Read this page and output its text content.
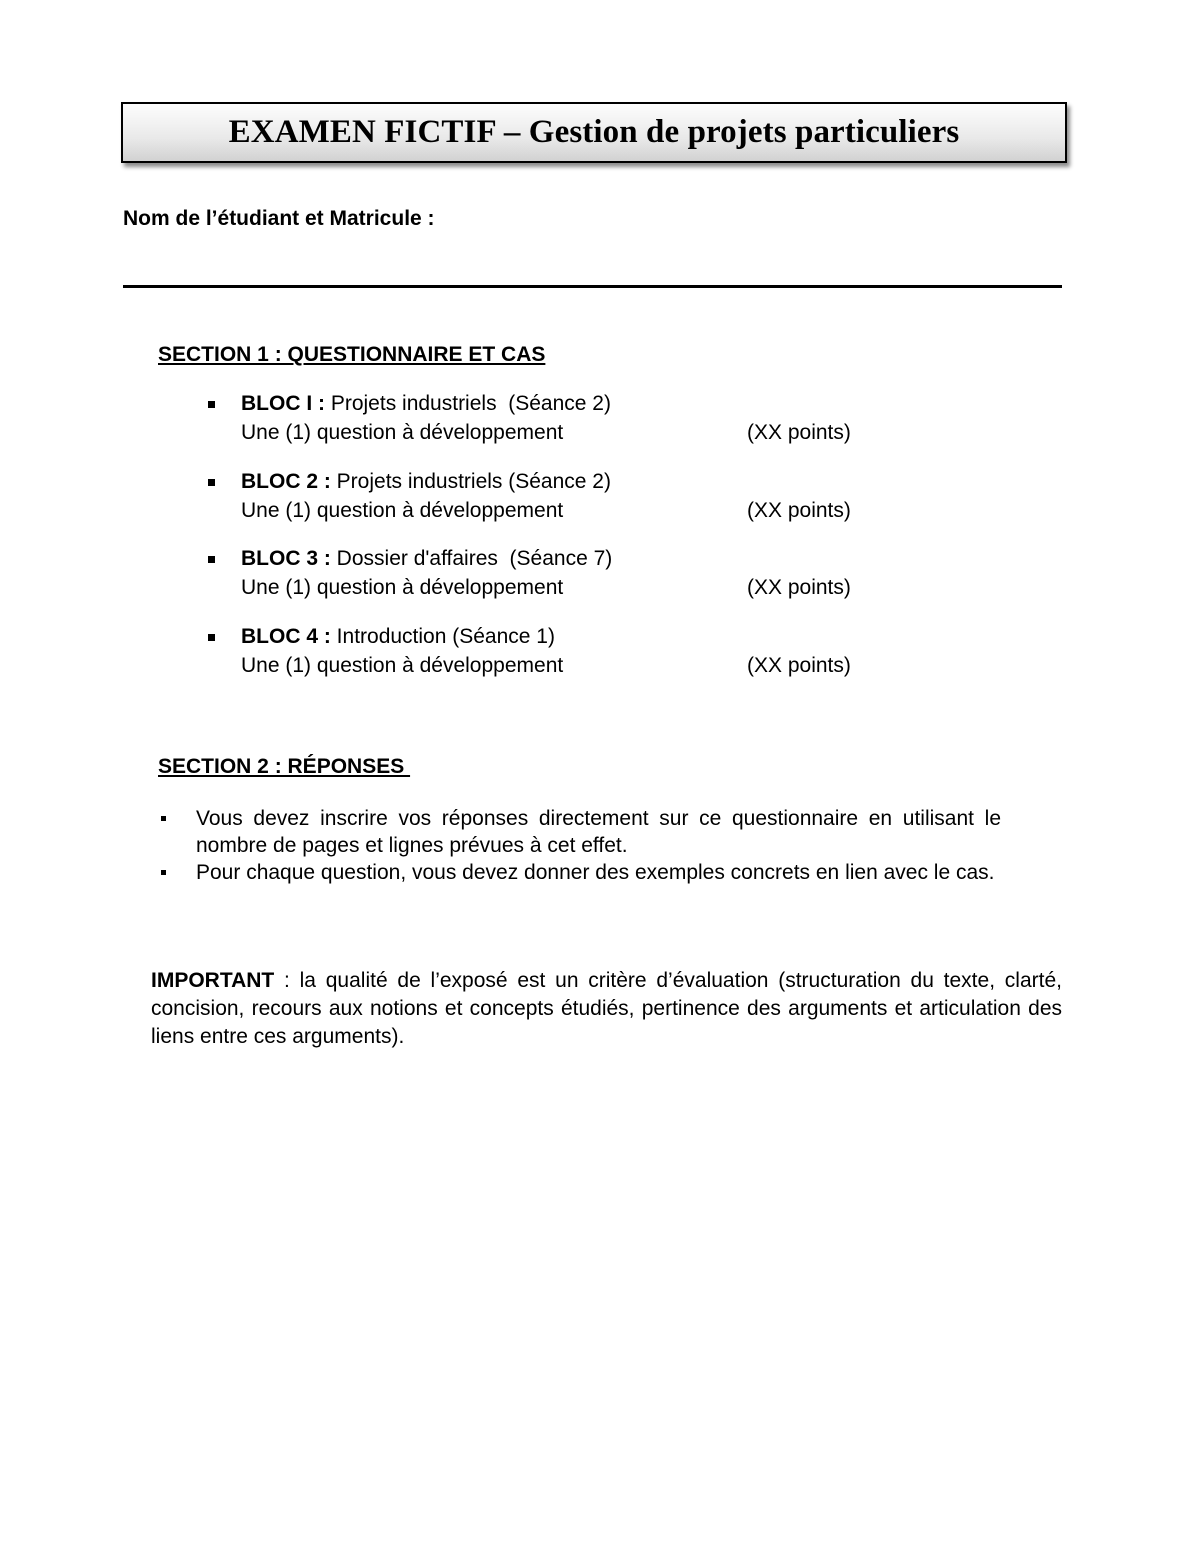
EXAMEN FICTIF – Gestion de projets particuliers
Nom de l’étudiant et Matricule :
SECTION 1 : QUESTIONNAIRE ET CAS
BLOC I : Projets industriels  (Séance 2)
Une (1) question à développement	(XX points)
BLOC 2 : Projets industriels (Séance 2)
Une (1) question à développement	(XX points)
BLOC 3 : Dossier d'affaires  (Séance 7)
Une (1) question à développement	(XX points)
BLOC 4 : Introduction (Séance 1)
Une (1) question à développement	(XX points)
SECTION 2 : RÉPONSES
Vous devez inscrire vos réponses directement sur ce questionnaire en utilisant le nombre de pages et lignes prévues à cet effet.
Pour chaque question, vous devez donner des exemples concrets en lien avec le cas.
IMPORTANT : la qualité de l’exposé est un critère d’évaluation (structuration du texte, clarté, concision, recours aux notions et concepts étudiés, pertinence des arguments et articulation des liens entre ces arguments).
